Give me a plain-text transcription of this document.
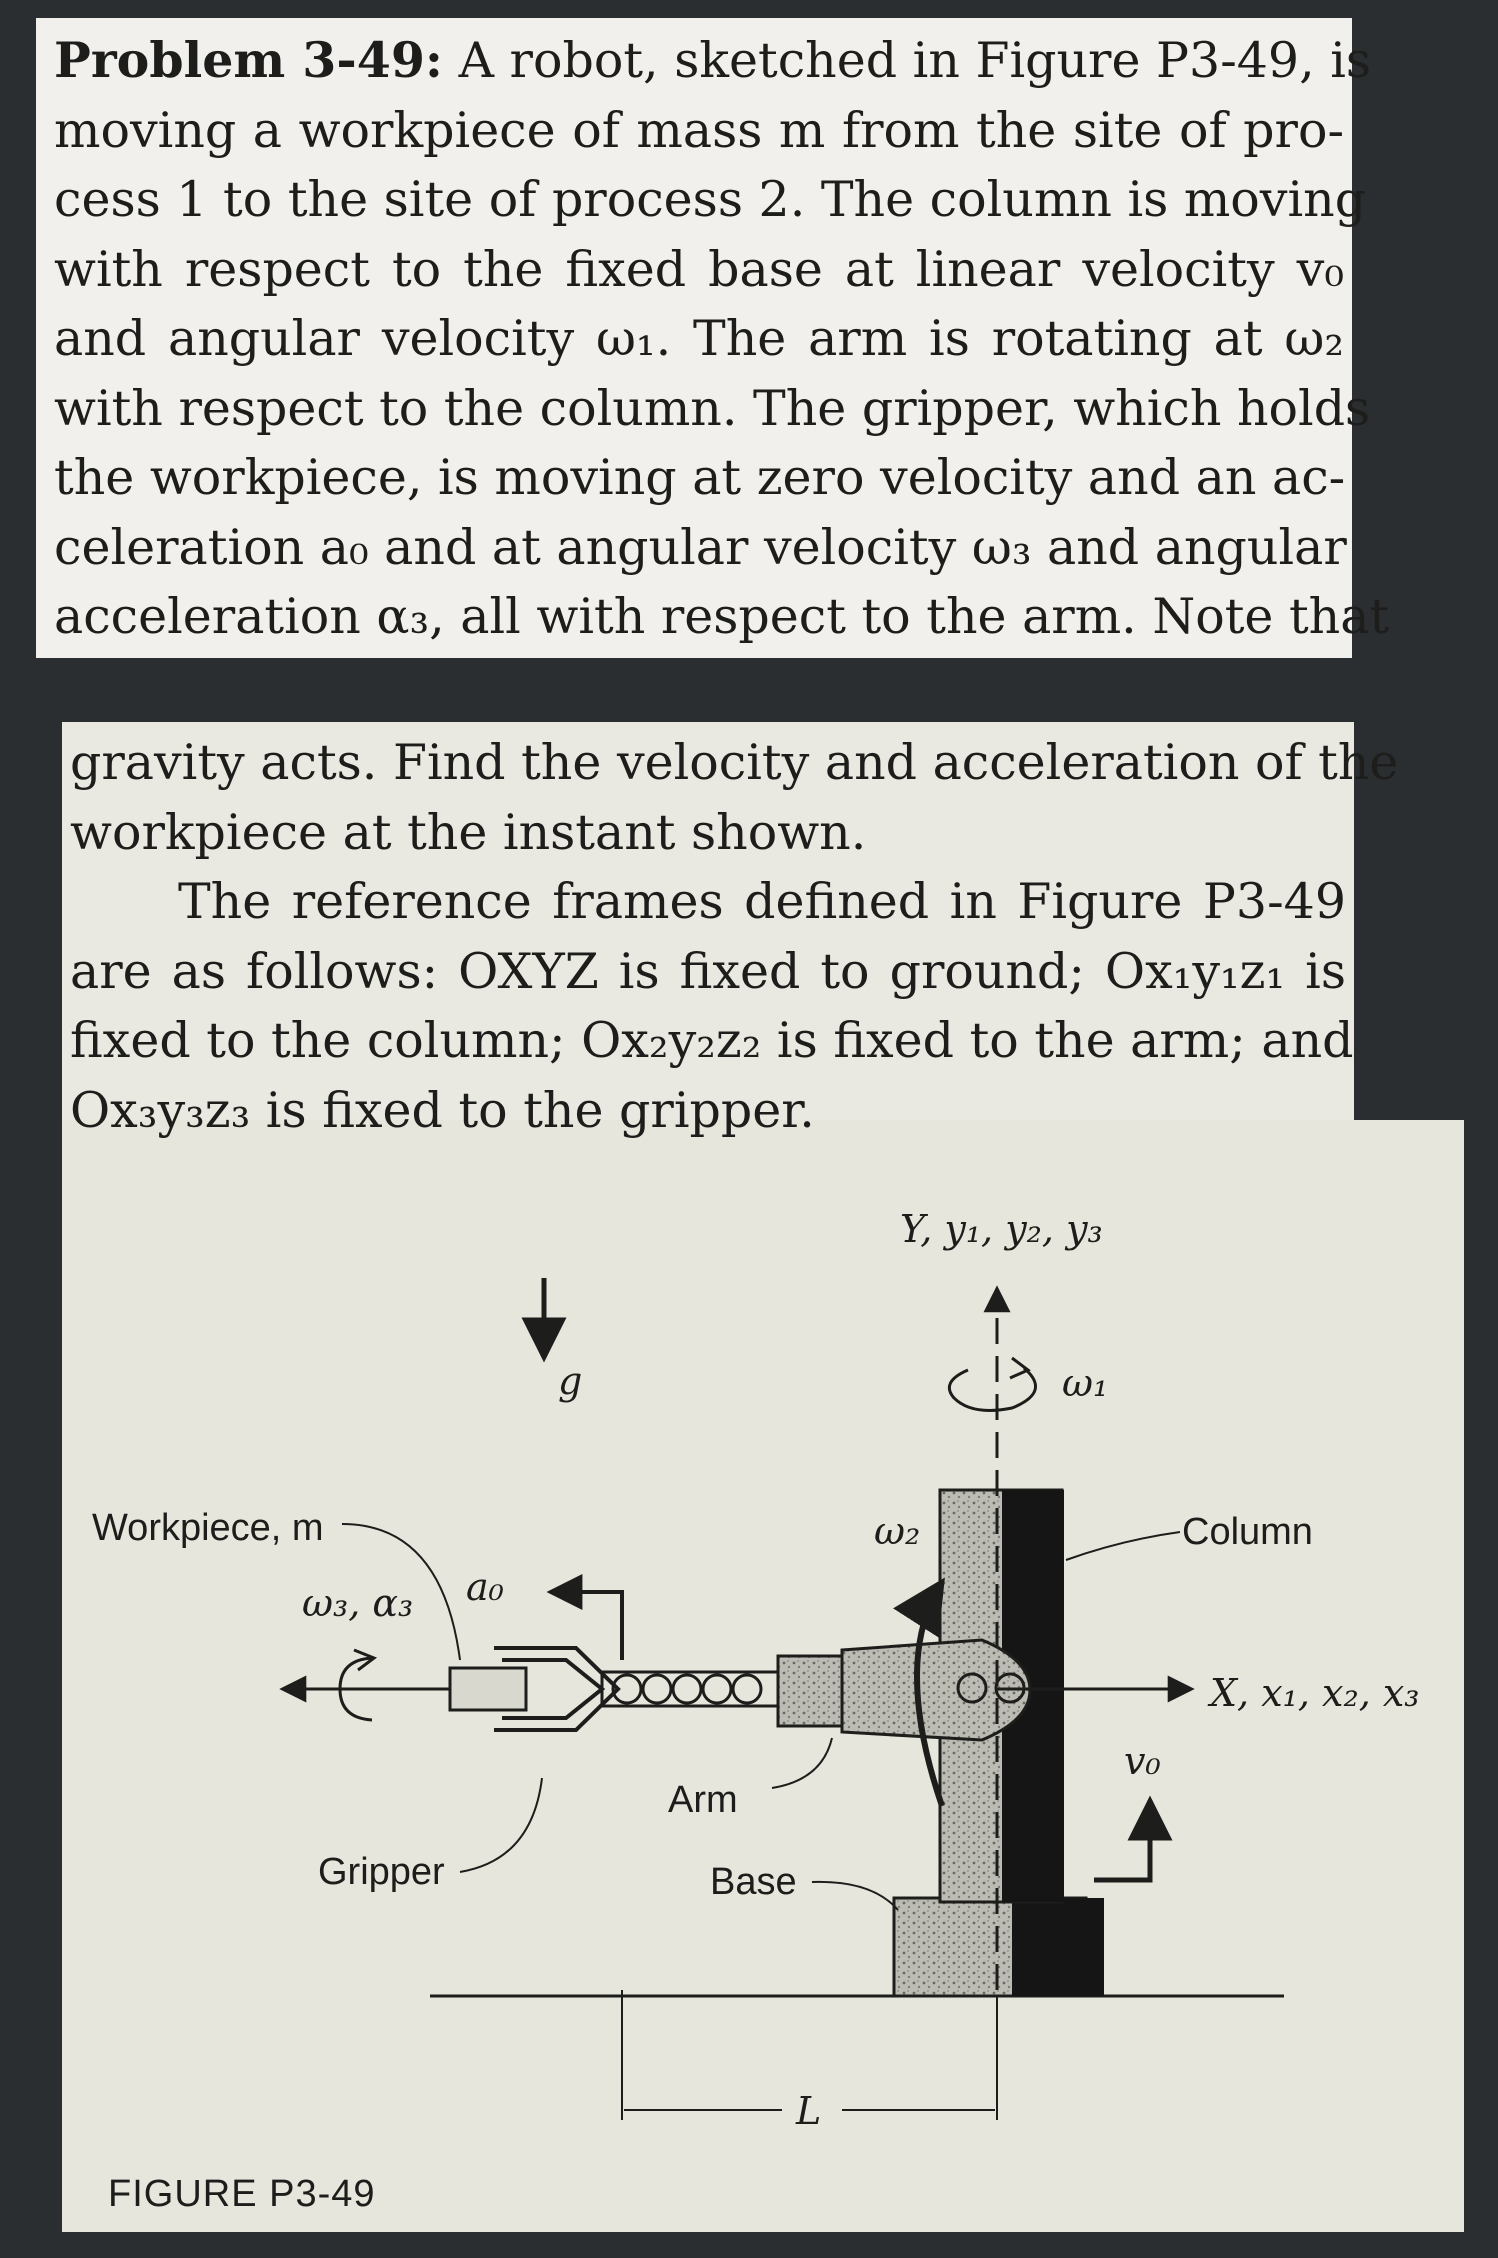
Problem 3-49: A robot, sketched in Figure P3-49, is
moving a workpiece of mass m from the site of pro-
cess 1 to the site of process 2. The column is moving
with respect to the fixed base at linear velocity v₀
and angular velocity ω₁. The arm is rotating at ω₂
with respect to the column. The gripper, which holds
the workpiece, is moving at zero velocity and an ac-
celeration a₀ and at angular velocity ω₃ and angular
acceleration α₃, all with respect to the arm. Note that
gravity acts. Find the velocity and acceleration of the
workpiece at the instant shown.
The reference frames defined in Figure P3-49
are as follows: OXYZ is fixed to ground; Ox₁y₁z₁ is
fixed to the column; Ox₂y₂z₂ is fixed to the arm; and
Ox₃y₃z₃ is fixed to the gripper.
Y, y₁, y₂, y₃
X, x₁, x₂, x₃
ω₁
ω₂
ω₃, α₃ a₀
v₀
g
L
Workpiece, m	Column
Arm
Base
Gripper
FIGURE P3-49
